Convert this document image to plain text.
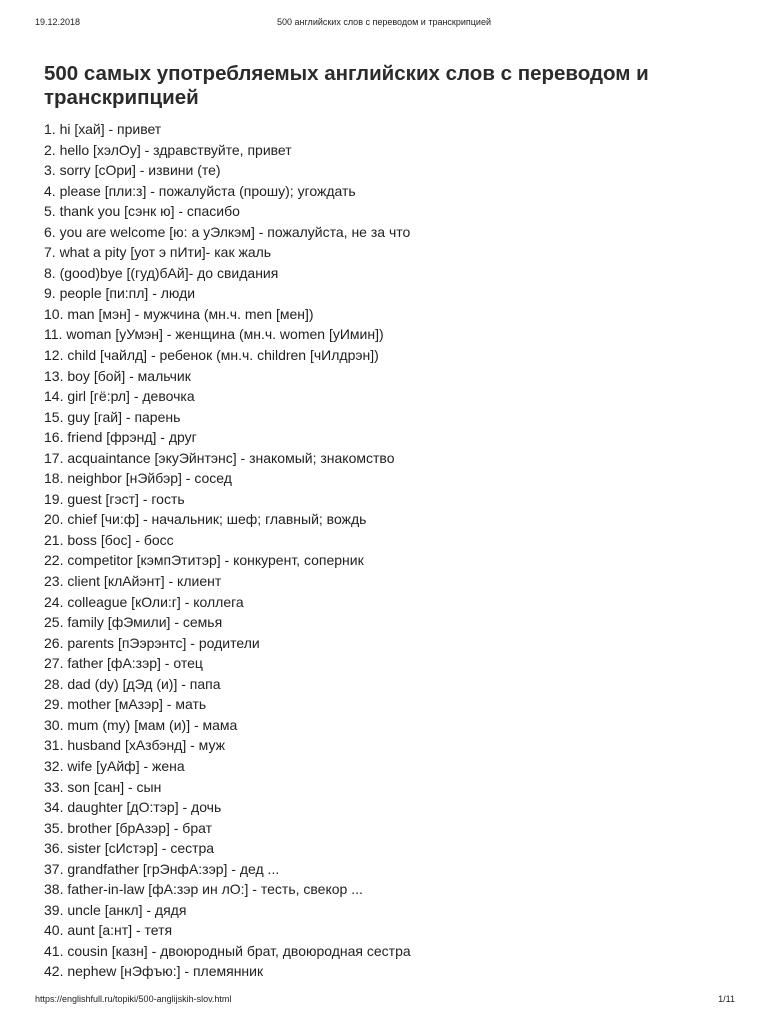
19.12.2018	500 английских слов с переводом и транскрипцией
500 самых употребляемых английских слов с переводом и транскрипцией
1. hi [хай] - привет
2. hello [хэлОу] - здравствуйте, привет
3. sorry [сОри] - извини (те)
4. please [пли:з] - пожалуйста (прошу); угождать
5. thank you [сэнк ю] - спасибо
6. you are welcome [ю: а уЭлкэм] - пожалуйста, не за что
7. what a pity [уот э пИти]- как жаль
8. (good)bye [(гуд)бАй]- до свидания
9. people [пи:пл] - люди
10. man [мэн] - мужчина (мн.ч. men [мен])
11. woman [уУмэн] - женщина (мн.ч. women [уИмин])
12. child [чайлд] - ребенок (мн.ч. children [чИлдрэн])
13. boy [бой] - мальчик
14. girl [гё:рл] - девочка
15. guy [гай] - парень
16. friend [фрэнд] - друг
17. acquaintance [экуЭйнтэнс] - знакомый; знакомство
18. neighbor [нЭйбэр] - сосед
19. guest [гэст] - гость
20. chief [чи:ф] - начальник; шеф; главный; вождь
21. boss [бос] - босс
22. competitor [кэмпЭтитэр] - конкурент, соперник
23. client [клАйэнт] - клиент
24. colleague [кОли:г] - коллега
25. family [фЭмили] - семья
26. parents [пЭэрэнтс] - родители
27. father [фА:зэр] - отец
28. dad (dy) [дЭд (и)] - папа
29. mother [мАзэр] - мать
30. mum (my) [мам (и)] - мама
31. husband [хАзбэнд] - муж
32. wife [уАйф] - жена
33. son [сан] - сын
34. daughter [дО:тэр] - дочь
35. brother [брАзэр] - брат
36. sister [сИстэр] - сестра
37. grandfather [грЭнфА:зэр] - дед ...
38. father-in-law [фА:зэр ин лО:] - тесть, свекор ...
39. uncle [анкл] - дядя
40. aunt [а:нт] - тетя
41. cousin [казн] - двоюродный брат, двоюродная сестра
42. nephew [нЭфъю:] - племянник
https://englishfull.ru/topiki/500-anglijskih-slov.html	1/11
